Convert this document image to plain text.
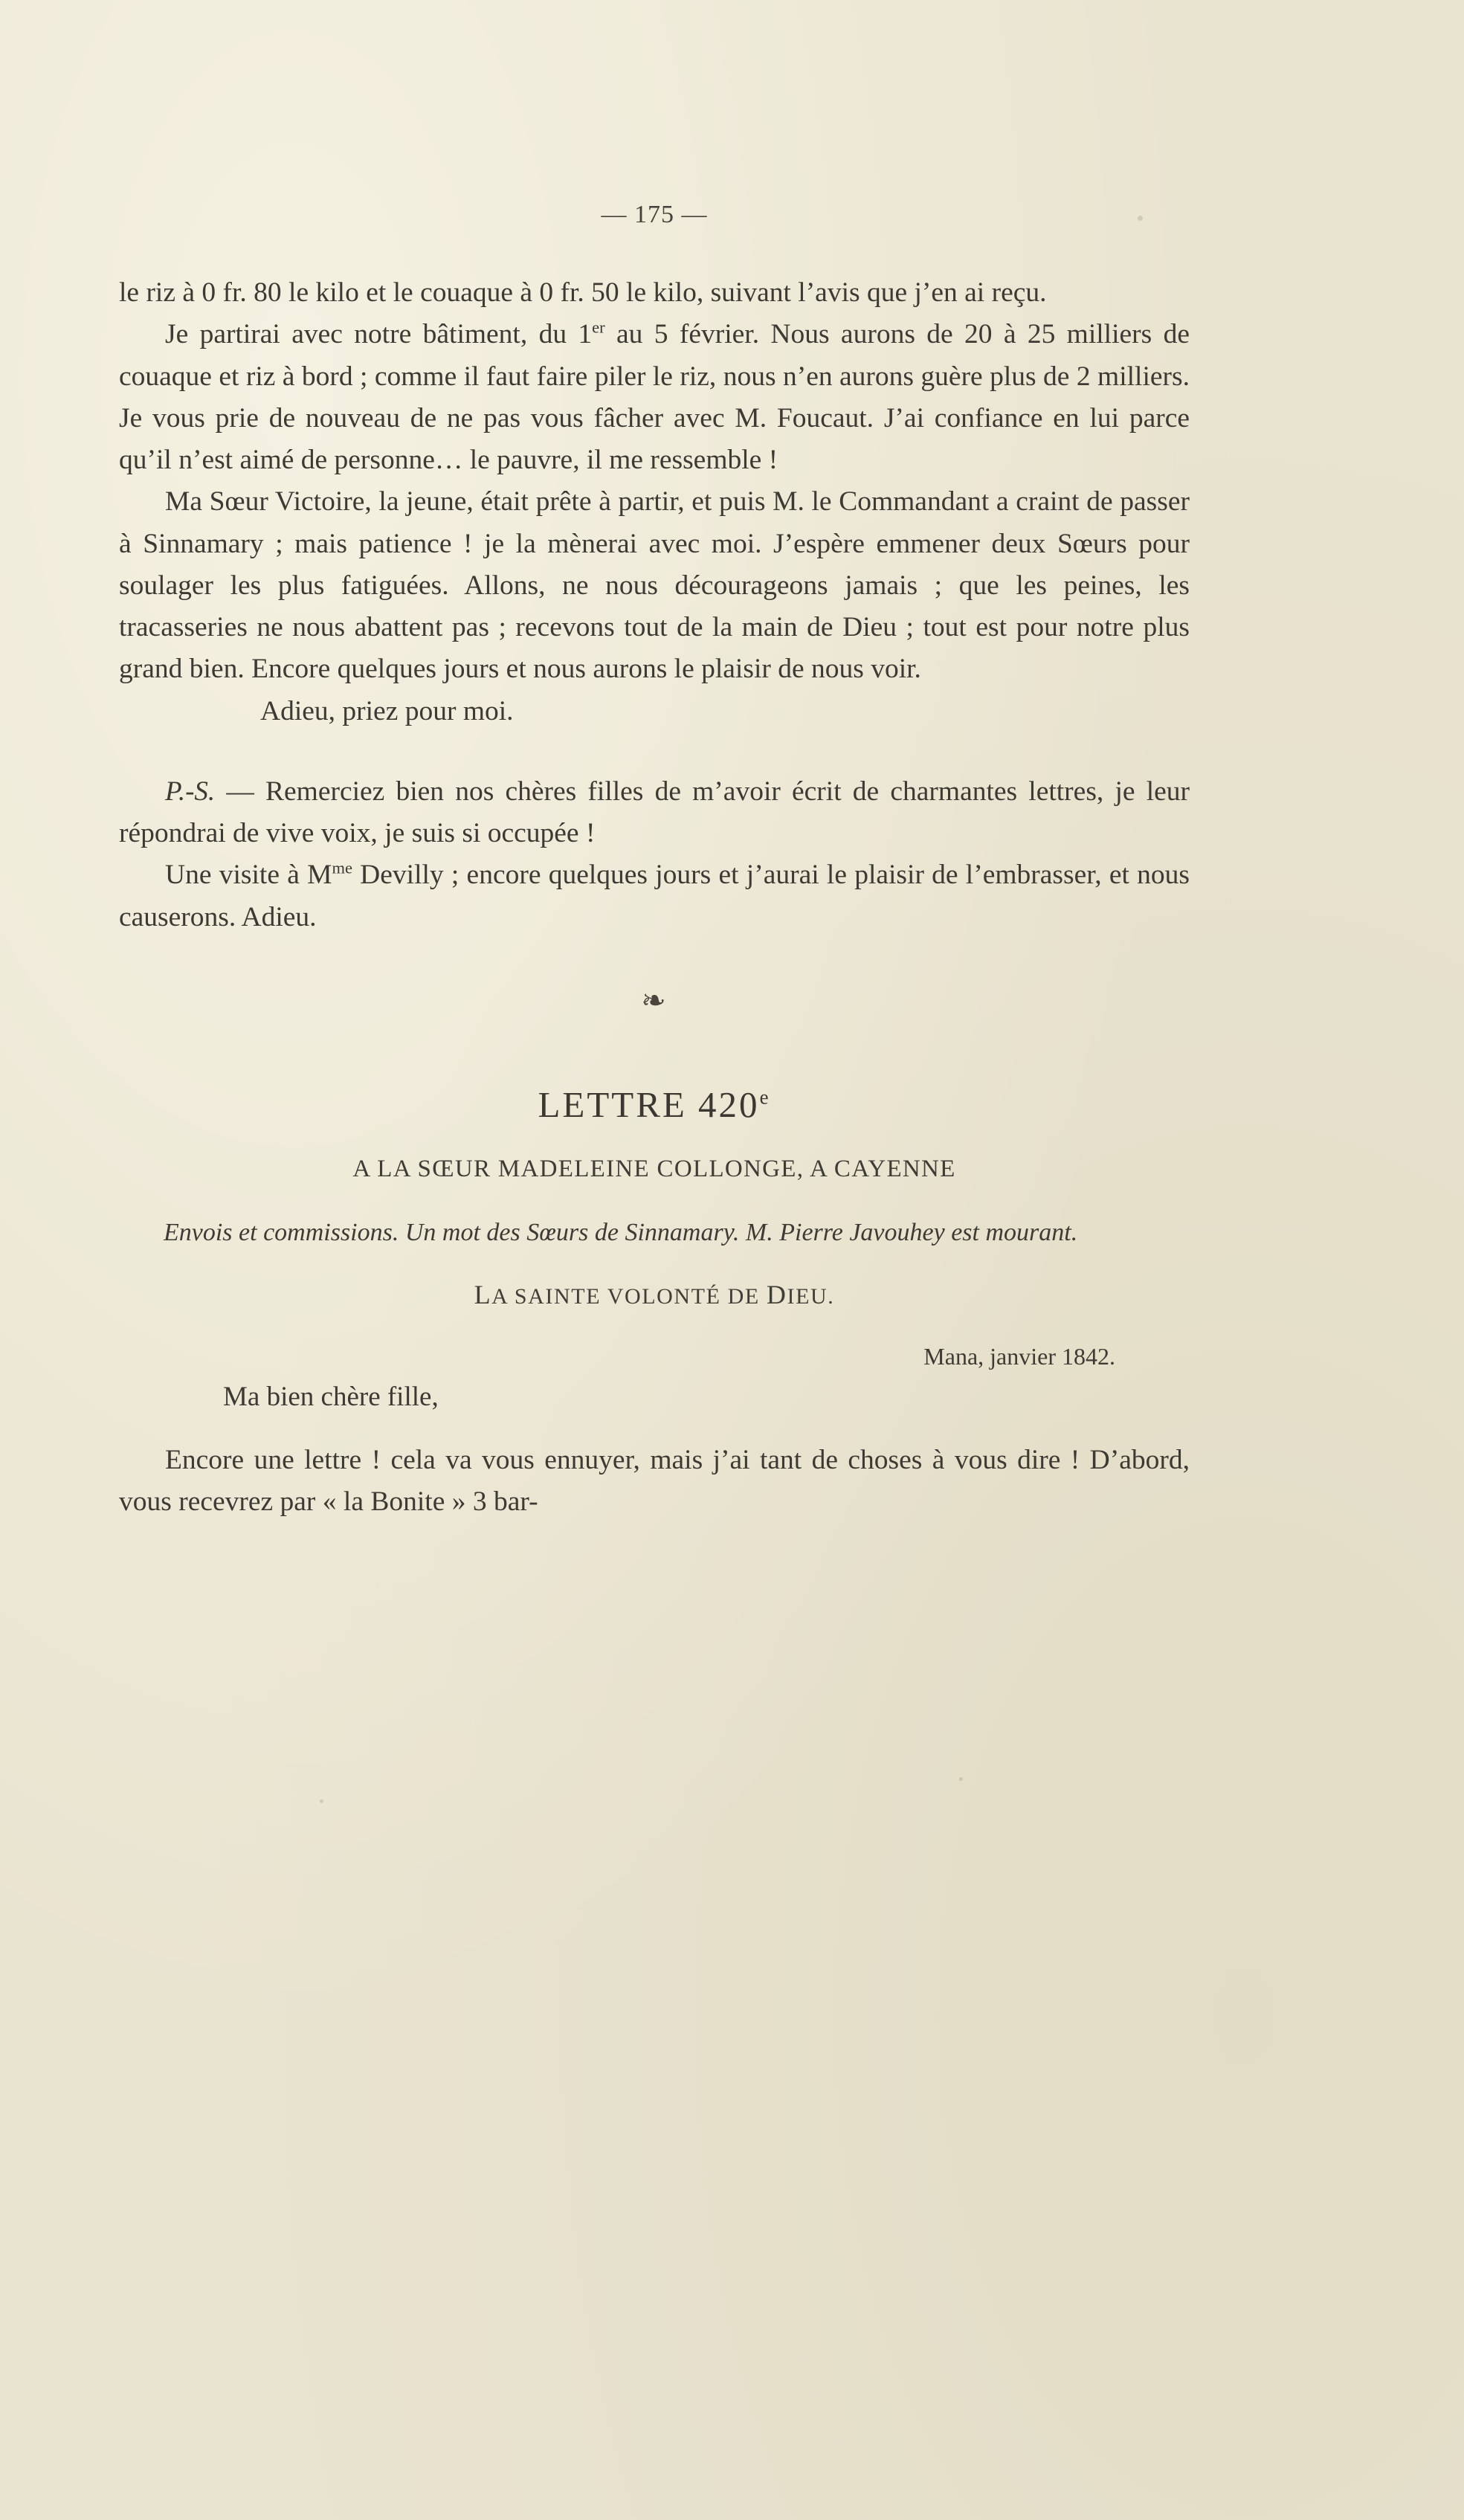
— 175 —

le riz à 0 fr. 80 le kilo et le couaque à 0 fr. 50 le kilo, suivant l’avis que j’en ai reçu.

Je partirai avec notre bâtiment, du 1er au 5 février. Nous aurons de 20 à 25 milliers de couaque et riz à bord ; comme il faut faire piler le riz, nous n’en aurons guère plus de 2 milliers. Je vous prie de nouveau de ne pas vous fâcher avec M. Foucaut. J’ai confiance en lui parce qu’il n’est aimé de personne… le pauvre, il me ressemble !

Ma Sœur Victoire, la jeune, était prête à partir, et puis M. le Commandant a craint de passer à Sinnamary ; mais patience ! je la mènerai avec moi. J’espère emmener deux Sœurs pour soulager les plus fatiguées. Allons, ne nous décourageons jamais ; que les peines, les tracasseries ne nous abattent pas ; recevons tout de la main de Dieu ; tout est pour notre plus grand bien. Encore quelques jours et nous aurons le plaisir de nous voir.

Adieu, priez pour moi.

P.-S. — Remerciez bien nos chères filles de m’avoir écrit de charmantes lettres, je leur répondrai de vive voix, je suis si occupée !

Une visite à $M^{me}$ Devilly ; encore quelques jours et j’aurai le plaisir de l’embrasser, et nous causerons. Adieu.

❧
LETTRE 420e
A LA SŒUR MADELEINE COLLONGE, A CAYENNE
Envois et commissions. Un mot des Sœurs de Sinnamary. M. Pierre Javouhey est mourant.
LA SAINTE VOLONTÉ DE DIEU.
Mana, janvier 1842.
Ma bien chère fille,
Encore une lettre ! cela va vous ennuyer, mais j’ai tant de choses à vous dire ! D’abord, vous recevrez par « la Bonite » 3 bar-
